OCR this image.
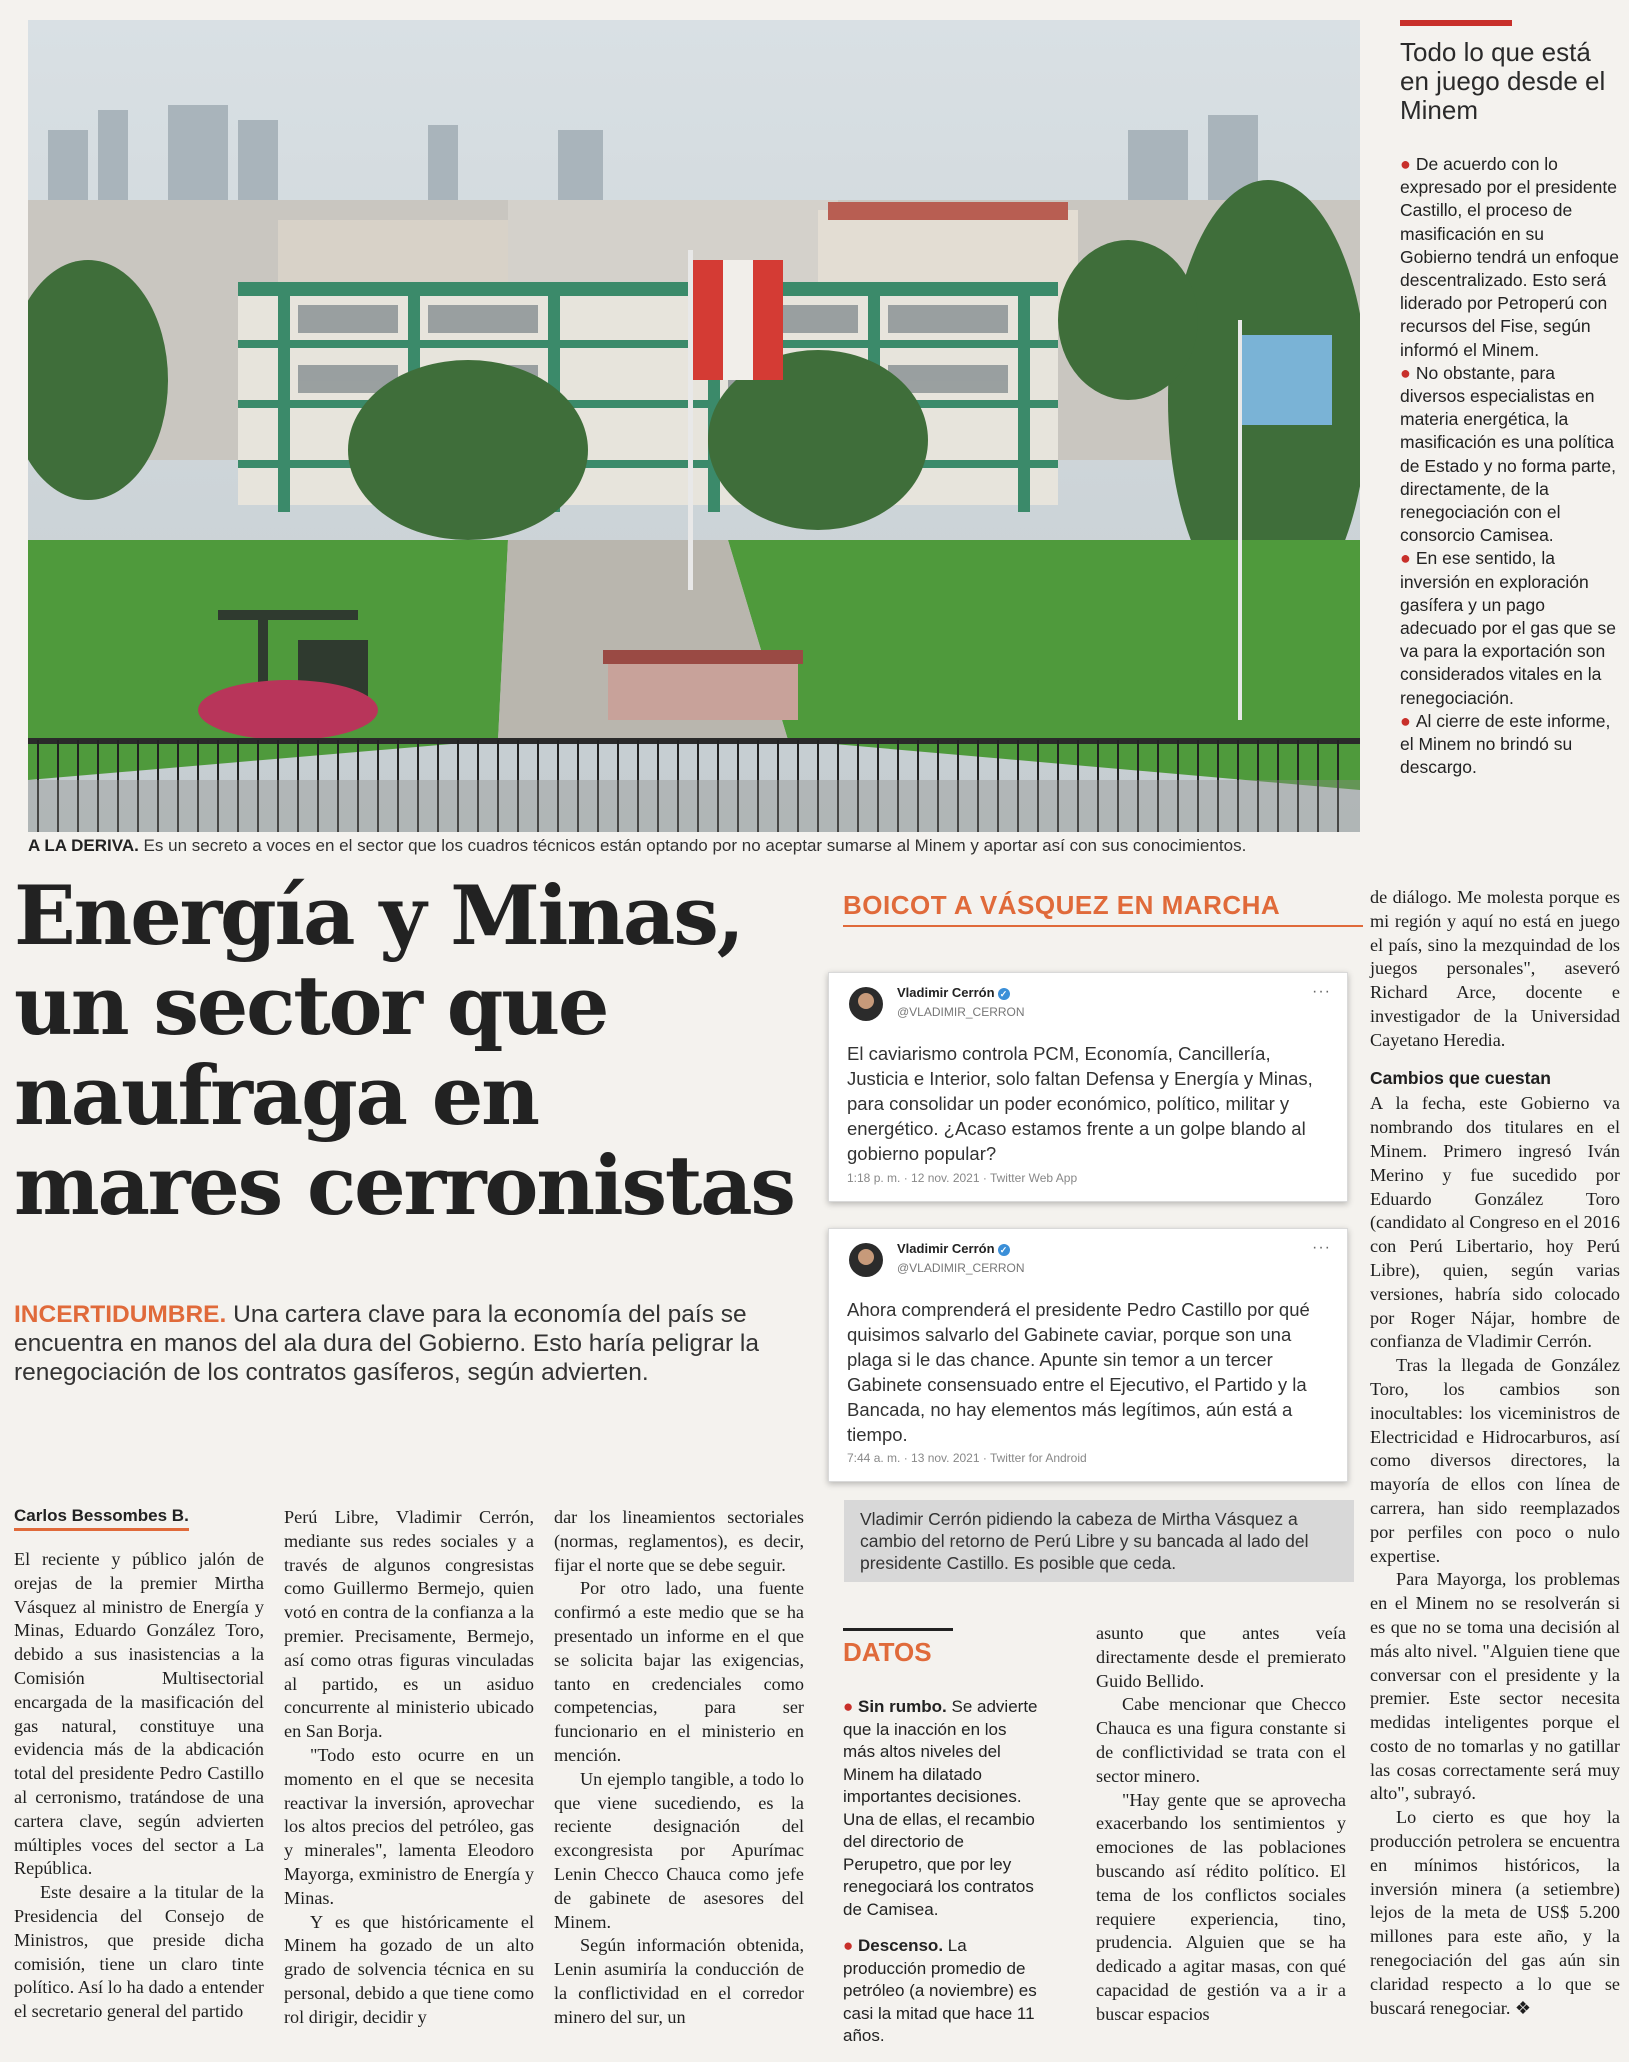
A LA DERIVA. Es un secreto a voces en el sector que los cuadros técnicos están optando por no aceptar sumarse al Minem y aportar así con sus conocimientos.
Todo lo que está en juego desde el Minem

● De acuerdo con lo expresado por el presidente Castillo, el proceso de masificación en su Gobierno tendrá un enfoque descentralizado. Esto será liderado por Petroperú con recursos del Fise, según informó el Minem.

● No obstante, para diversos especialistas en materia energética, la masificación es una política de Estado y no forma parte, directamente, de la renegociación con el consorcio Camisea.

● En ese sentido, la inversión en exploración gasífera y un pago adecuado por el gas que se va para la exportación son considerados vitales en la renegociación.

● Al cierre de este informe, el Minem no brindó su descargo.

Energía y Minas, un sector que naufraga en mares cerronistas
INCERTIDUMBRE. Una cartera clave para la economía del país se encuentra en manos del ala dura del Gobierno. Esto haría peligrar la renegociación de los contratos gasíferos, según advierten.
Carlos Bessombes B.

El reciente y público jalón de orejas de la premier Mirtha Vásquez al ministro de Energía y Minas, Eduardo González Toro, debido a sus inasistencias a la Comisión Multisectorial encargada de la masificación del gas natural, constituye una evidencia más de la abdicación total del presidente Pedro Castillo al cerronismo, tratándose de una cartera clave, según advierten múltiples voces del sector a La República.

Este desaire a la titular de la Presidencia del Consejo de Ministros, que preside dicha comisión, tiene un claro tinte político. Así lo ha dado a entender el secretario general del partido

Perú Libre, Vladimir Cerrón, mediante sus redes sociales y a través de algunos congresistas como Guillermo Bermejo, quien votó en contra de la confianza a la premier. Precisamente, Bermejo, así como otras figuras vinculadas al partido, es un asiduo concurrente al ministerio ubicado en San Borja.

"Todo esto ocurre en un momento en el que se necesita reactivar la inversión, aprovechar los altos precios del petróleo, gas y minerales", lamenta Eleodoro Mayorga, exministro de Energía y Minas.

Y es que históricamente el Minem ha gozado de un alto grado de solvencia técnica en su personal, debido a que tiene como rol dirigir, decidir y

dar los lineamientos sectoriales (normas, reglamentos), es decir, fijar el norte que se debe seguir.

Por otro lado, una fuente confirmó a este medio que se ha presentado un informe en el que se solicita bajar las exigencias, tanto en credenciales como competencias, para ser funcionario en el ministerio en mención.

Un ejemplo tangible, a todo lo que viene sucediendo, es la reciente designación del excongresista por Apurímac Lenin Checco Chauca como jefe de gabinete de asesores del Minem.

Según información obtenida, Lenin asumiría la conducción de la conflictividad en el corredor minero del sur, un

BOICOT A VÁSQUEZ EN MARCHA
Vladimir Cerrón ✓
@VLADIMIR_CERRON
···
El caviarismo controla PCM, Economía, Cancillería, Justicia e Interior, solo faltan Defensa y Energía y Minas, para consolidar un poder económico, político, militar y energético. ¿Acaso estamos frente a un golpe blando al gobierno popular?
1:18 p. m. · 12 nov. 2021 · Twitter Web App
Vladimir Cerrón ✓
@VLADIMIR_CERRON
···
Ahora comprenderá el presidente Pedro Castillo por qué quisimos salvarlo del Gabinete caviar, porque son una plaga si le das chance. Apunte sin temor a un tercer Gabinete consensuado entre el Ejecutivo, el Partido y la Bancada, no hay elementos más legítimos, aún está a tiempo.
7:44 a. m. · 13 nov. 2021 · Twitter for Android
Vladimir Cerrón pidiendo la cabeza de Mirtha Vásquez a cambio del retorno de Perú Libre y su bancada al lado del presidente Castillo. Es posible que ceda.
DATOS

● Sin rumbo. Se advierte que la inacción en los más altos niveles del Minem ha dilatado importantes decisiones. Una de ellas, el recambio del directorio de Perupetro, que por ley renegociará los contratos de Camisea.

● Descenso. La producción promedio de petróleo (a noviembre) es casi la mitad que hace 11 años.

asunto que antes veía directamente desde el premierato Guido Bellido.

Cabe mencionar que Checco Chauca es una figura constante si de conflictividad se trata con el sector minero.

"Hay gente que se aprovecha exacerbando los sentimientos y emociones de las poblaciones buscando así rédito político. El tema de los conflictos sociales requiere experiencia, tino, prudencia. Alguien que se ha dedicado a agitar masas, con qué capacidad de gestión va a ir a buscar espacios

de diálogo. Me molesta porque es mi región y aquí no está en juego el país, sino la mezquindad de los juegos personales", aseveró Richard Arce, docente e investigador de la Universidad Cayetano Heredia.

Cambios que cuestan

A la fecha, este Gobierno va nombrando dos titulares en el Minem. Primero ingresó Iván Merino y fue sucedido por Eduardo González Toro (candidato al Congreso en el 2016 con Perú Libertario, hoy Perú Libre), quien, según varias versiones, habría sido colocado por Roger Nájar, hombre de confianza de Vladimir Cerrón.

Tras la llegada de González Toro, los cambios son inocultables: los viceministros de Electricidad e Hidrocarburos, así como diversos directores, la mayoría de ellos con línea de carrera, han sido reemplazados por perfiles con poco o nulo expertise.

Para Mayorga, los problemas en el Minem no se resolverán si es que no se toma una decisión al más alto nivel. "Alguien tiene que conversar con el presidente y la premier. Este sector necesita medidas inteligentes porque el costo de no tomarlas y no gatillar las cosas correctamente será muy alto", subrayó.

Lo cierto es que hoy la producción petrolera se encuentra en mínimos históricos, la inversión minera (a setiembre) lejos de la meta de US$ 5.200 millones para este año, y la renegociación del gas aún sin claridad respecto a lo que se buscará renegociar. ❖
